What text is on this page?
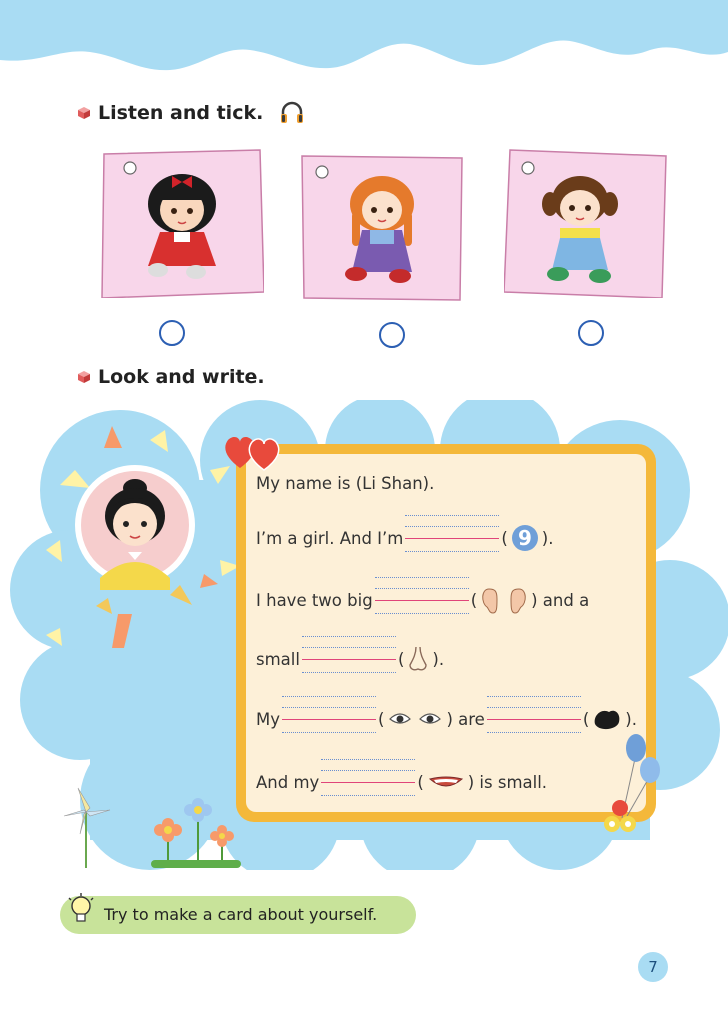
Listen and tick.
Look and write.
My name is (Li Shan).
I’m a girl. And I’m	( 9 ).
I have two big	(	) and a
small	( ).
My	(	) are	( ).
And my	(	) is small.
Try to make a card about yourself.
7
